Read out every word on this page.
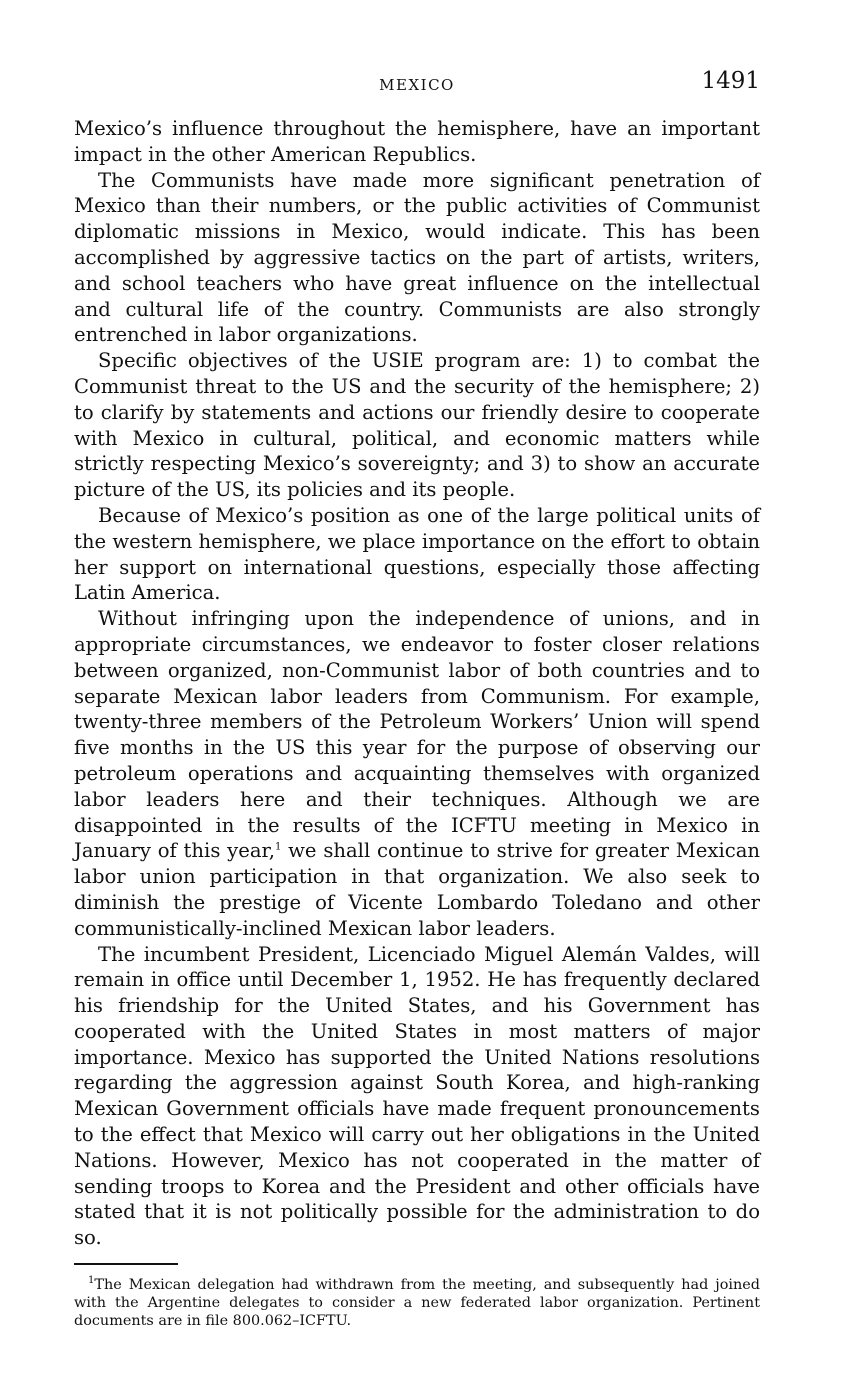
MEXICO	1491

Mexico’s influence throughout the hemisphere, have an important impact in the other American Republics.

The Communists have made more significant penetration of Mexico than their numbers, or the public activities of Communist diplomatic missions in Mexico, would indicate. This has been accomplished by aggressive tactics on the part of artists, writers, and school teachers who have great influence on the intellectual and cultural life of the country. Communists are also strongly entrenched in labor organizations.

Specific objectives of the USIE program are: 1) to combat the Communist threat to the US and the security of the hemisphere; 2) to clarify by statements and actions our friendly desire to cooperate with Mexico in cultural, political, and economic matters while strictly respecting Mexico’s sovereignty; and 3) to show an accurate picture of the US, its policies and its people.

Because of Mexico’s position as one of the large political units of the western hemisphere, we place importance on the effort to obtain her support on international questions, especially those affecting Latin America.

Without infringing upon the independence of unions, and in appropriate circumstances, we endeavor to foster closer relations between organized, non-Communist labor of both countries and to separate Mexican labor leaders from Communism. For example, twenty-three members of the Petroleum Workers’ Union will spend five months in the US this year for the purpose of observing our petroleum operations and acquainting themselves with organized labor leaders here and their techniques. Although we are disappointed in the results of the ICFTU meeting in Mexico in January of this year,$^1$ we shall continue to strive for greater Mexican labor union participation in that organization. We also seek to diminish the prestige of Vicente Lombardo Toledano and other communistically-inclined Mexican labor leaders.

The incumbent President, Licenciado Miguel Alemán Valdes, will remain in office until December 1, 1952. He has frequently declared his friendship for the United States, and his Government has cooperated with the United States in most matters of major importance. Mexico has supported the United Nations resolutions regarding the aggression against South Korea, and high-ranking Mexican Government officials have made frequent pronouncements to the effect that Mexico will carry out her obligations in the United Nations. However, Mexico has not cooperated in the matter of sending troops to Korea and the President and other officials have stated that it is not politically possible for the administration to do so.

$^1$The Mexican delegation had withdrawn from the meeting, and subsequently had joined with the Argentine delegates to consider a new federated labor organization. Pertinent documents are in file 800.062–ICFTU.
